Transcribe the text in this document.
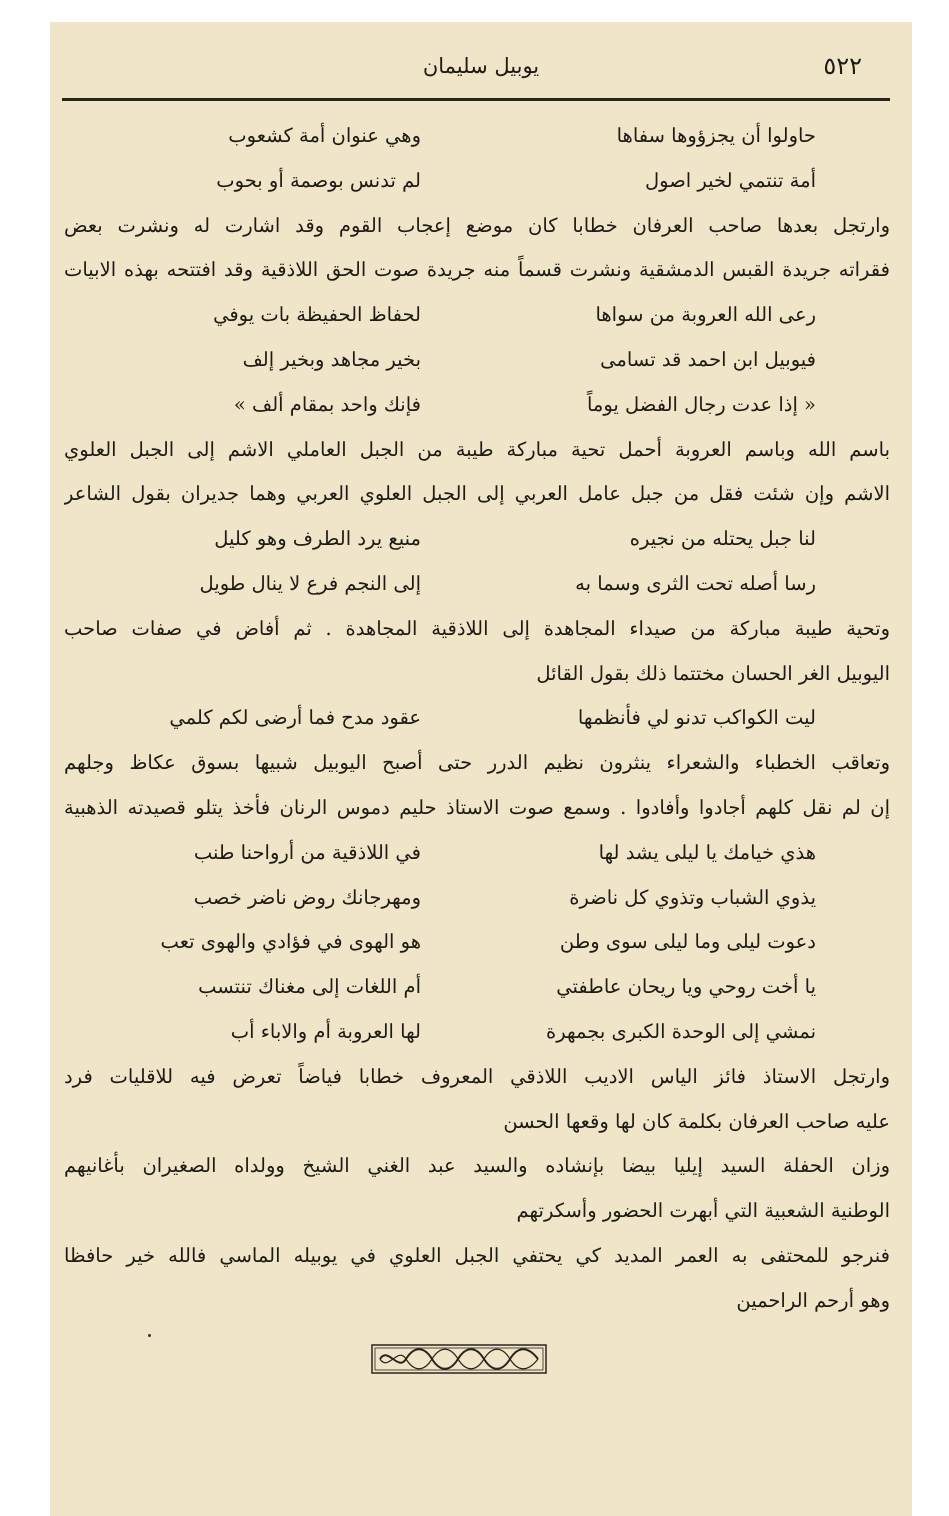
٥٢٢
يوبيل سليمان
حاولوا أن يجزؤوها سفاها
وهي عنوان أمة كشعوب
أمة تنتمي لخير اصول
لم تدنس بوصمة أو بحوب
وارتجل بعدها صاحب العرفان خطابا كان موضع إعجاب القوم وقد اشارت له ونشرت بعض
فقراته جريدة القبس الدمشقية ونشرت قسماً منه جريدة صوت الحق اللاذقية وقد افتتحه بهذه الابيات
رعى الله العروبة من سواها
لحفاظ الحفيظة بات يوفي
فيوبيل ابن احمد قد تسامى
بخير مجاهد وبخير إلف
« إذا عدت رجال الفضل يوماً
فإنك واحد بمقام ألف »
باسم الله وباسم العروبة أحمل تحية مباركة طيبة من الجبل العاملي الاشم إلى الجبل العلوي
الاشم وإن شئت فقل من جبل عامل العربي إلى الجبل العلوي العربي وهما جديران بقول الشاعر
لنا جبل يحتله من نجيره
منيع يرد الطرف وهو كليل
رسا أصله تحت الثرى وسما به
إلى النجم فرع لا ينال طويل
وتحية طيبة مباركة من صيداء المجاهدة إلى اللاذقية المجاهدة . ثم أفاض في صفات صاحب
اليوبيل الغر الحسان مختتما ذلك بقول القائل
ليت الكواكب تدنو لي فأنظمها
عقود مدح فما أرضى لكم كلمي
وتعاقب الخطباء والشعراء ينثرون نظيم الدرر حتى أصبح اليوبيل شبيها بسوق عكاظ وجلهم
إن لم نقل كلهم أجادوا وأفادوا . وسمع صوت الاستاذ حليم دموس الرنان فأخذ يتلو قصيدته الذهبية
هذي خيامك يا ليلى يشد لها
في اللاذقية من أرواحنا طنب
يذوي الشباب وتذوي كل ناضرة
ومهرجانك روض ناضر خصب
دعوت ليلى وما ليلى سوى وطن
هو الهوى في فؤادي والهوى تعب
يا أخت روحي ويا ريحان عاطفتي
أم اللغات إلى مغناك تنتسب
نمشي إلى الوحدة الكبرى بجمهرة
لها العروبة أم والاباء أب
وارتجل الاستاذ فائز الياس الاديب اللاذقي المعروف خطابا فياضاً تعرض فيه للاقليات فرد
عليه صاحب العرفان بكلمة كان لها وقعها الحسن
وزان الحفلة السيد إيليا بيضا بإنشاده والسيد عبد الغني الشيخ وولداه الصغيران بأغانيهم
الوطنية الشعبية التي أبهرت الحضور وأسكرتهم
فنرجو للمحتفى به العمر المديد كي يحتفي الجبل العلوي في يوبيله الماسي فالله خير حافظا
وهو أرحم الراحمين
